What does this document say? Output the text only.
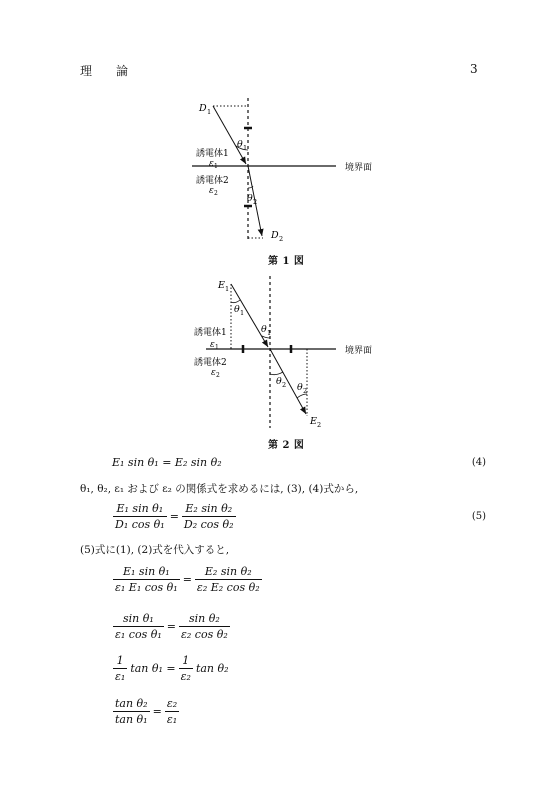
理　　論	3
D 1
θ 1
誘電体1
ε 1	境界面
誘電体2
ε 2	θ 2
D 2
第 1 図
E 1
θ 1
θ 1
誘電体1
ε 1	境界面
誘電体2
ε 2
θ 2 θ 2
E 2
第 2 図
E₁ sin θ₁ = E₂ sin θ₂	(4)
θ₁, θ₂, ε₁ および ε₂ の関係式を求めるには, (3), (4)式から,
$\frac{\text{E₁ sin θ₁}}{\text{D₁ cos θ₁}} = \frac{\text{E₂ sin θ₂}}{\text{D₂ cos θ₂}}$	(5)
(5)式に(1), (2)式を代入すると,
$\frac{\text{E₁ sin θ₁}}{\text{ε₁ E₁ cos θ₁}} = \frac{\text{E₂ sin θ₂}}{\text{ε₂ E₂ cos θ₂}}$
$\frac{\text{sin θ₁}}{\text{ε₁ cos θ₁}} = \frac{\text{sin θ₂}}{\text{ε₂ cos θ₂}}$
$\frac{1}{\text{ε₁}}$ $\tan \theta_1 = \frac{1}{\text{ε₂}}$ tan θ₂
$\frac{\text{tan θ₂}}{\text{tan θ₁}} = \frac{\text{ε₂}}{\text{ε₁}}$
